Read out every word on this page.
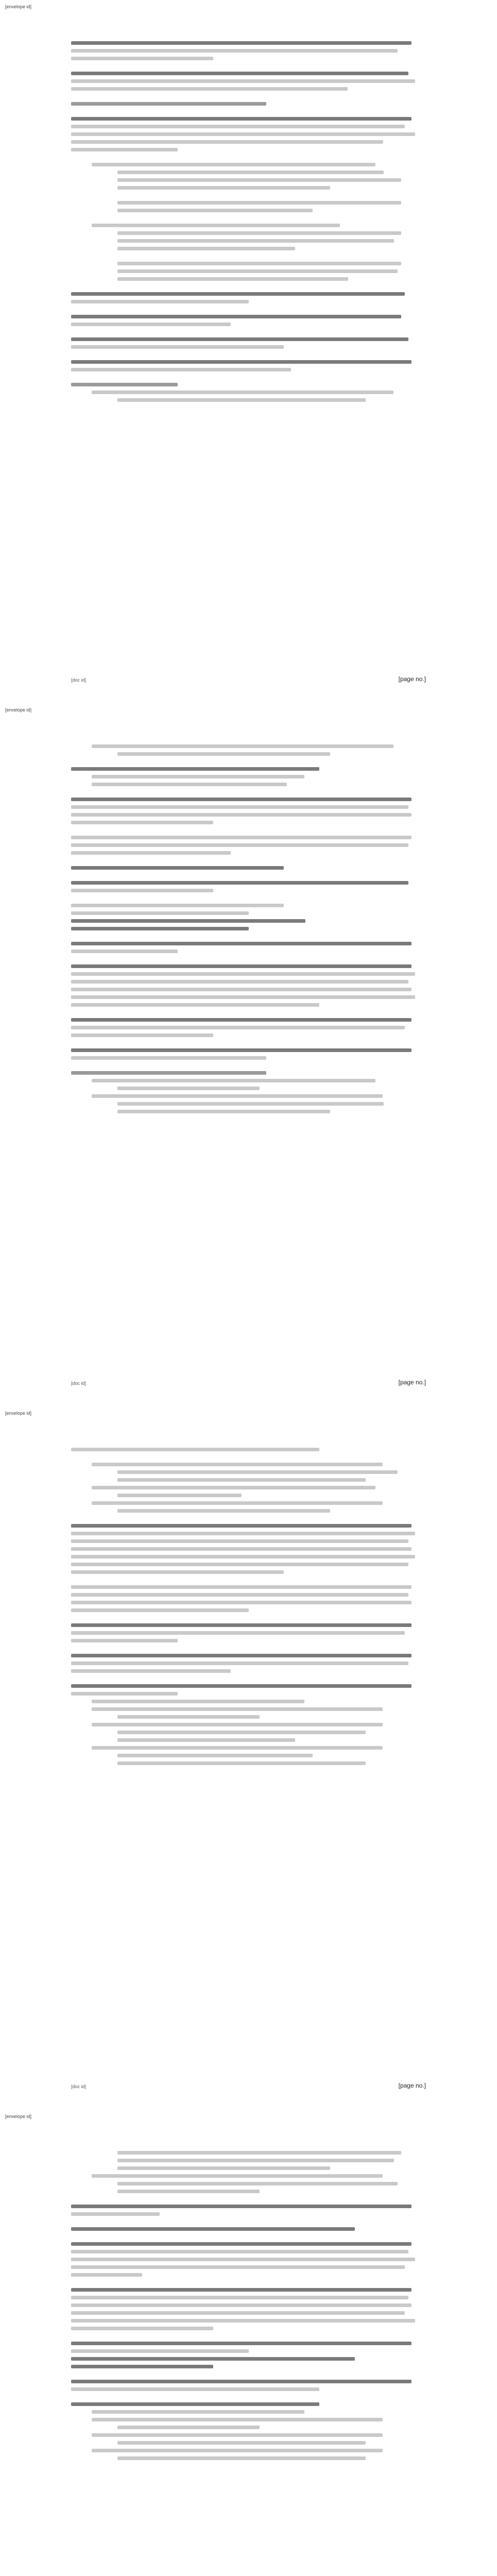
[envelope id]
[doc id]	[page no.]
[envelope id]
[doc id]	[page no.]
[envelope id]
[doc id]	[page no.]
[envelope id]
